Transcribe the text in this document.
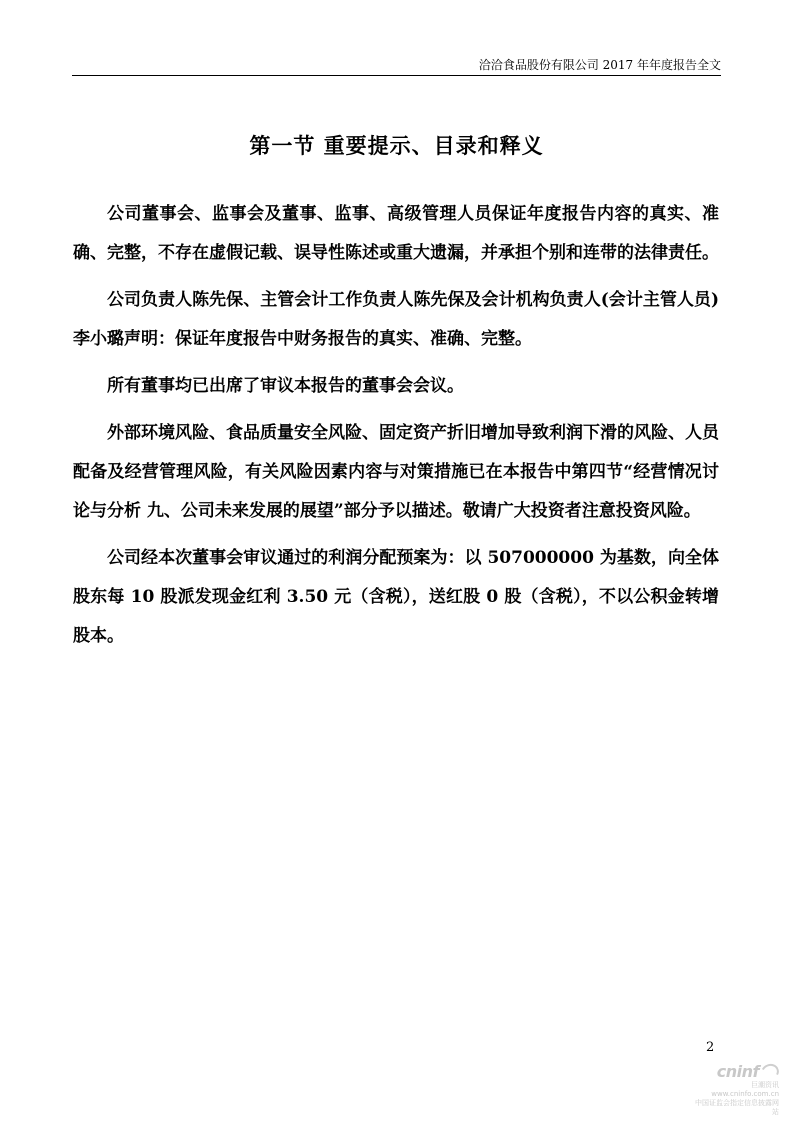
洽洽食品股份有限公司 2017 年年度报告全文
第一节 重要提示、目录和释义

公司董事会、监事会及董事、监事、高级管理人员保证年度报告内容的真实、准确、完整，不存在虚假记载、误导性陈述或重大遗漏，并承担个别和连带的法律责任。

公司负责人陈先保、主管会计工作负责人陈先保及会计机构负责人(会计主管人员)李小璐声明：保证年度报告中财务报告的真实、准确、完整。

所有董事均已出席了审议本报告的董事会会议。

外部环境风险、食品质量安全风险、固定资产折旧增加导致利润下滑的风险、人员配备及经营管理风险，有关风险因素内容与对策措施已在本报告中第四节“经营情况讨论与分析 九、公司未来发展的展望”部分予以描述。敬请广大投资者注意投资风险。

公司经本次董事会审议通过的利润分配预案为：以 507000000 为基数，向全体股东每 10 股派发现金红利 3.50 元（含税），送红股 0 股（含税），不以公积金转增股本。

2
cninf
巨潮资讯
www.cninfo.com.cn
中国证监会指定信息披露网站
